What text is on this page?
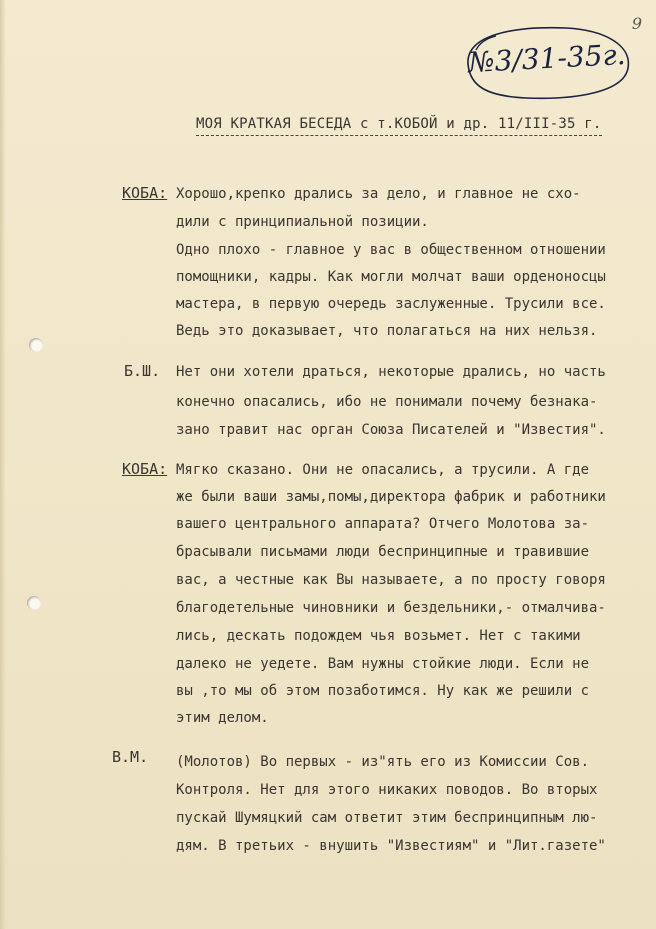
9
№3/31-35г.
МОЯ КРАТКАЯ БЕСЕДА с т.КОБОЙ и др. 11/III-35 г.
КОБА: Хорошо,крепко дрались за дело, и главное не схо-
дили с принципиальной позиции.
Одно плохо - главное у вас в общественном отношении
помощники, кадры. Как могли молчат ваши орденоносцы
мастера, в первую очередь заслуженные. Трусили все.
Ведь это доказывает, что полагаться на них нельзя.
Б.Ш. Нет они хотели драться, некоторые дрались, но часть
конечно опасались, ибо не понимали почему безнака-
зано травит нас орган Союза Писателей и "Известия".
КОБА: Мягко сказано. Они не опасались, а трусили. А где
же были ваши замы,помы,директора фабрик и работники
вашего центрального аппарата? Отчего Молотова за-
брасывали письмами люди беспринципные и травившие
вас, а честные как Вы называете, а по просту говоря
благодетельные чиновники и бездельники,- отмалчива-
лись, дескать подождем чья возьмет. Нет с такими
далеко не уедете. Вам нужны стойкие люди. Если не
вы ,то мы об этом позаботимся. Ну как же решили с
этим делом.
В.М. (Молотов) Во первых - из"ять его из Комиссии Сов.
Контроля. Нет для этого никаких поводов. Во вторых
пускай Шумяцкий сам ответит этим беспринципным лю-
дям. В третьих - внушить "Известиям" и "Лит.газете"
